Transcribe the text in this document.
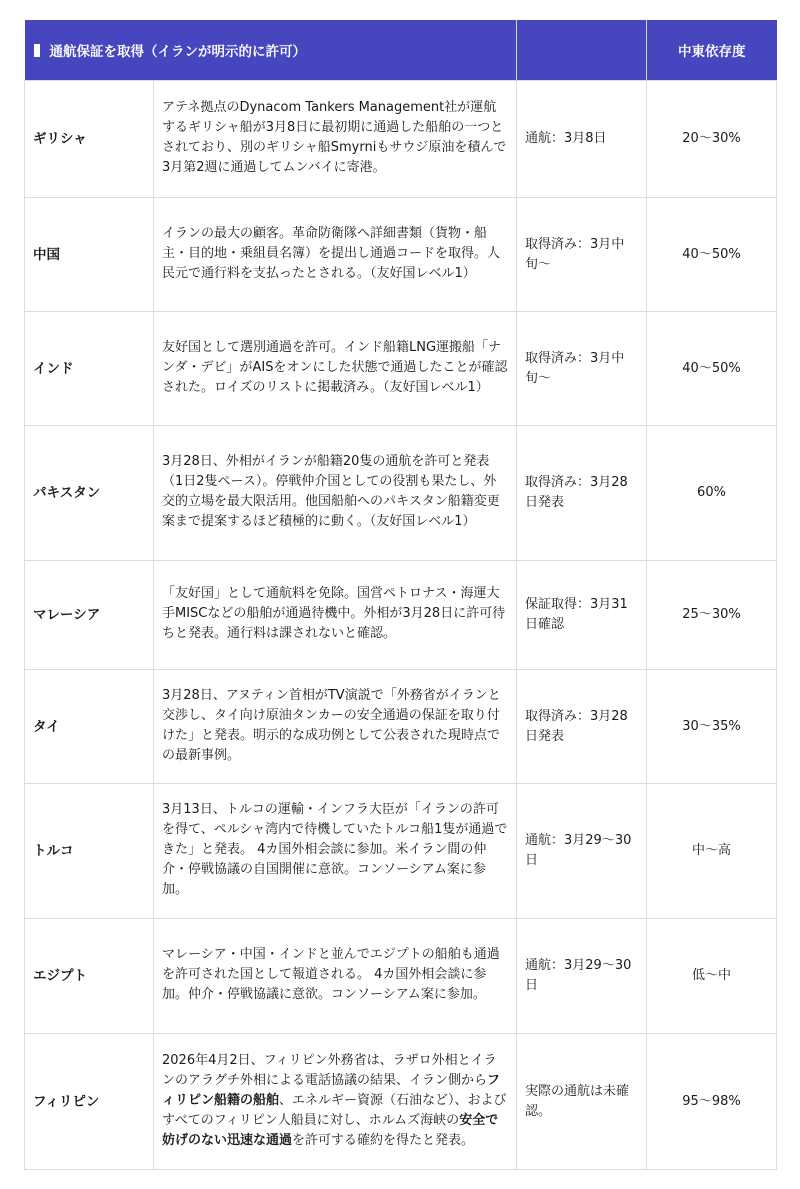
通航保証を取得（イランが明示的に許可）			中東依存度
ギリシャ	アテネ拠点のDynacom Tankers Management社が運航するギリシャ船が3月8日に最初期に通過した船舶の一つとされており、別のギリシャ船Smyrniもサウジ原油を積んで3月第2週に通過してムンバイに寄港。	通航：3月8日	20〜30%
中国	イランの最大の顧客。革命防衛隊へ詳細書類（貨物・船主・目的地・乗組員名簿）を提出し通過コードを取得。人民元で通行料を支払ったとされる。（友好国レベル1）	取得済み：3月中旬〜	40〜50%
インド	友好国として選別通過を許可。インド船籍LNG運搬船「ナンダ・デビ」がAISをオンにした状態で通過したことが確認された。ロイズのリストに掲載済み。（友好国レベル1）	取得済み：3月中旬〜	40〜50%
パキスタン	3月28日、外相がイランが船籍20隻の通航を許可と発表（1日2隻ペース）。停戦仲介国としての役割も果たし、外交的立場を最大限活用。他国船舶へのパキスタン船籍変更案まで提案するほど積極的に動く。（友好国レベル1）	取得済み：3月28日発表	60%
マレーシア	「友好国」として通航料を免除。国営ペトロナス・海運大手MISCなどの船舶が通過待機中。外相が3月28日に許可待ちと発表。通行料は課されないと確認。	保証取得：3月31日確認	25〜30%
タイ	3月28日、アヌティン首相がTV演説で「外務省がイランと交渉し、タイ向け原油タンカーの安全通過の保証を取り付けた」と発表。明示的な成功例として公表された現時点での最新事例。	取得済み：3月28日発表	30〜35%
トルコ	3月13日、トルコの運輸・インフラ大臣が「イランの許可を得て、ペルシャ湾内で待機していたトルコ船1隻が通過できた」と発表。 4カ国外相会談に参加。米イラン間の仲介・停戦協議の自国開催に意欲。コンソーシアム案に参加。	通航：3月29〜30日	中〜高
エジプト	マレーシア・中国・インドと並んでエジプトの船舶も通過を許可された国として報道される。 4カ国外相会談に参加。仲介・停戦協議に意欲。コンソーシアム案に参加。	通航：3月29〜30日	低〜中
フィリピン	2026年4月2日、フィリピン外務省は、ラザロ外相とイランのアラグチ外相による電話協議の結果、イラン側からフィリピン船籍の船舶、エネルギー資源（石油など）、およびすべてのフィリピン人船員に対し、ホルムズ海峡の安全で妨げのない迅速な通過を許可する確約を得たと発表。	実際の通航は未確認。	95〜98%
